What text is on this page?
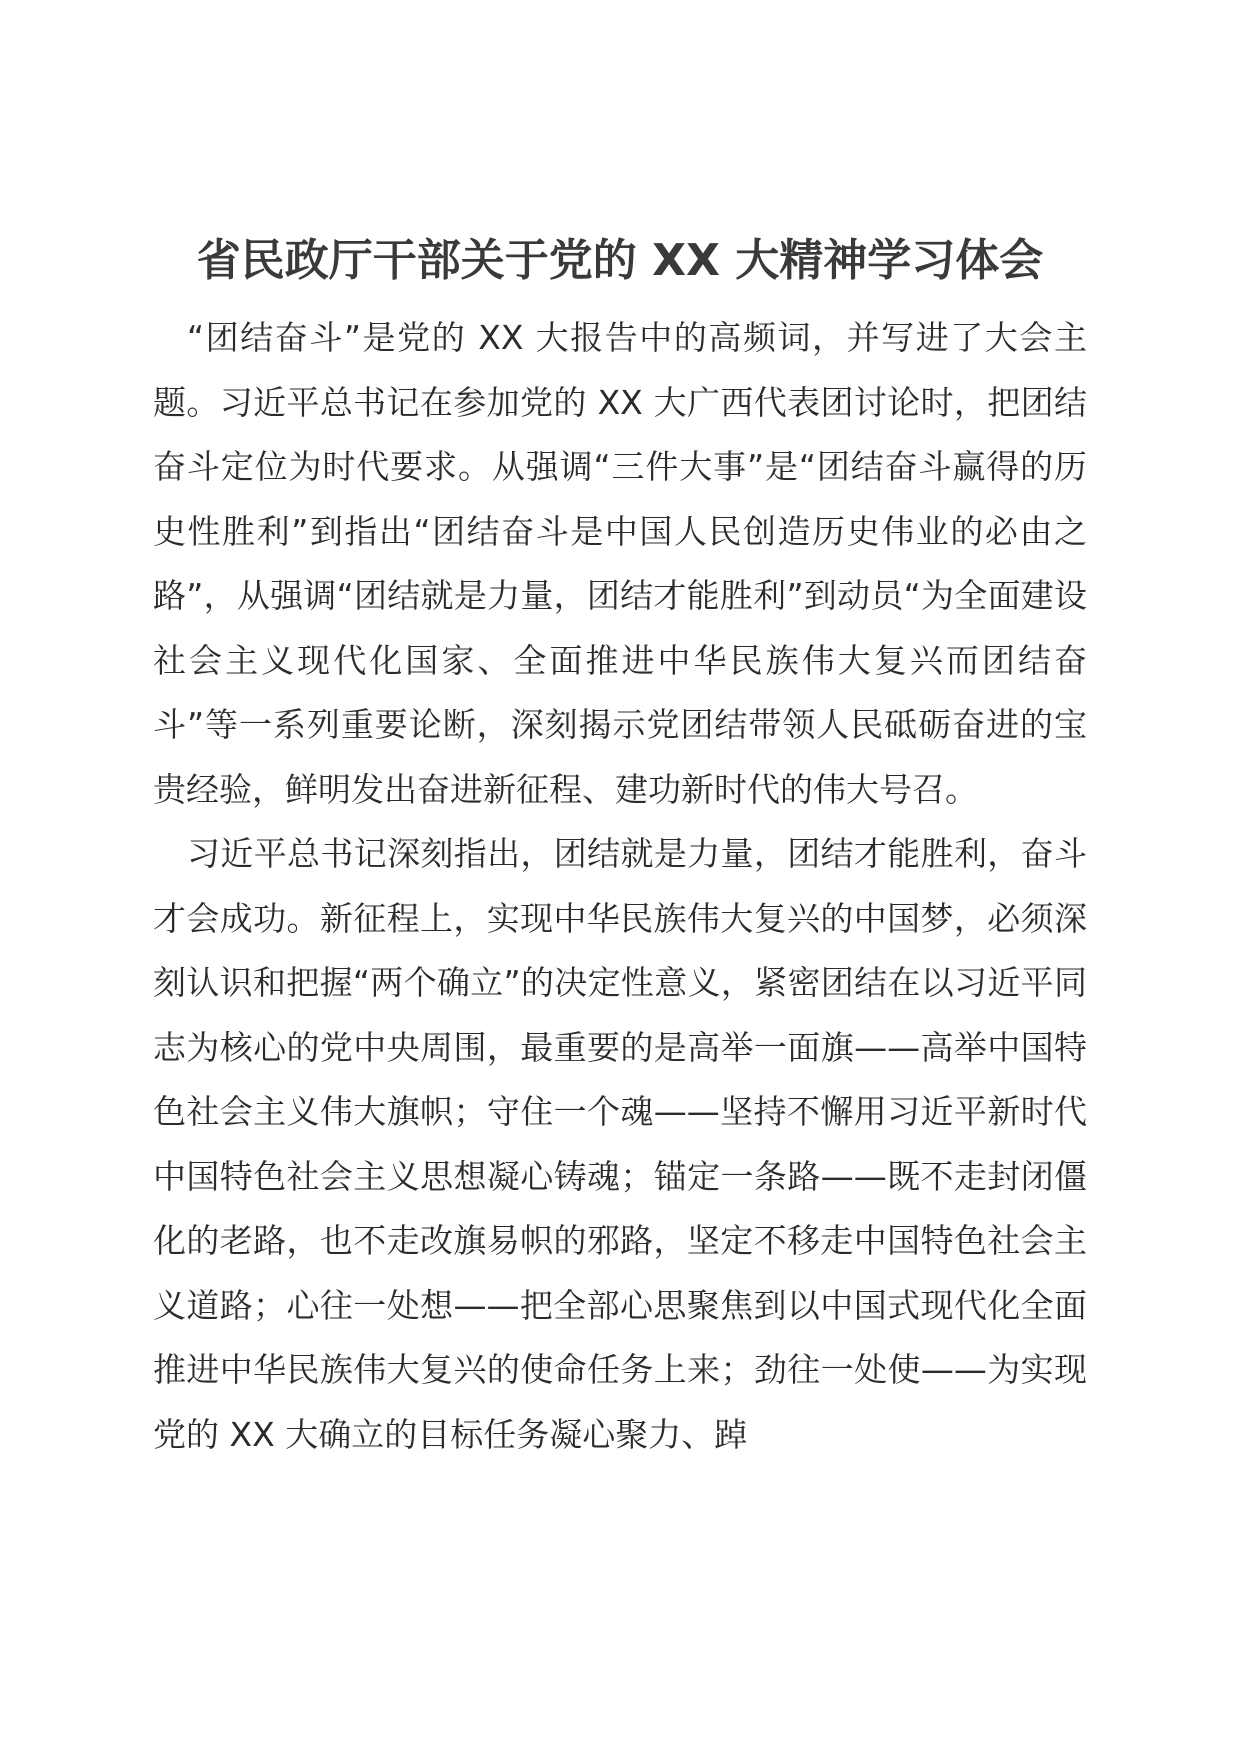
省民政厅干部关于党的 XX 大精神学习体会

“团结奋斗”是党的 XX 大报告中的高频词，并写进了大会主题。习近平总书记在参加党的 XX 大广西代表团讨论时，把团结奋斗定位为时代要求。从强调“三件大事”是“团结奋斗赢得的历史性胜利”到指出“团结奋斗是中国人民创造历史伟业的必由之路”，从强调“团结就是力量，团结才能胜利”到动员“为全面建设社会主义现代化国家、全面推进中华民族伟大复兴而团结奋斗”等一系列重要论断，深刻揭示党团结带领人民砥砺奋进的宝贵经验，鲜明发出奋进新征程、建功新时代的伟大号召。

习近平总书记深刻指出，团结就是力量，团结才能胜利，奋斗才会成功。新征程上，实现中华民族伟大复兴的中国梦，必须深刻认识和把握“两个确立”的决定性意义，紧密团结在以习近平同志为核心的党中央周围，最重要的是高举一面旗——高举中国特色社会主义伟大旗帜；守住一个魂——坚持不懈用习近平新时代中国特色社会主义思想凝心铸魂；锚定一条路——既不走封闭僵化的老路，也不走改旗易帜的邪路，坚定不移走中国特色社会主义道路；心往一处想——把全部心思聚焦到以中国式现代化全面推进中华民族伟大复兴的使命任务上来；劲往一处使——为实现党的 XX 大确立的目标任务凝心聚力、踔
